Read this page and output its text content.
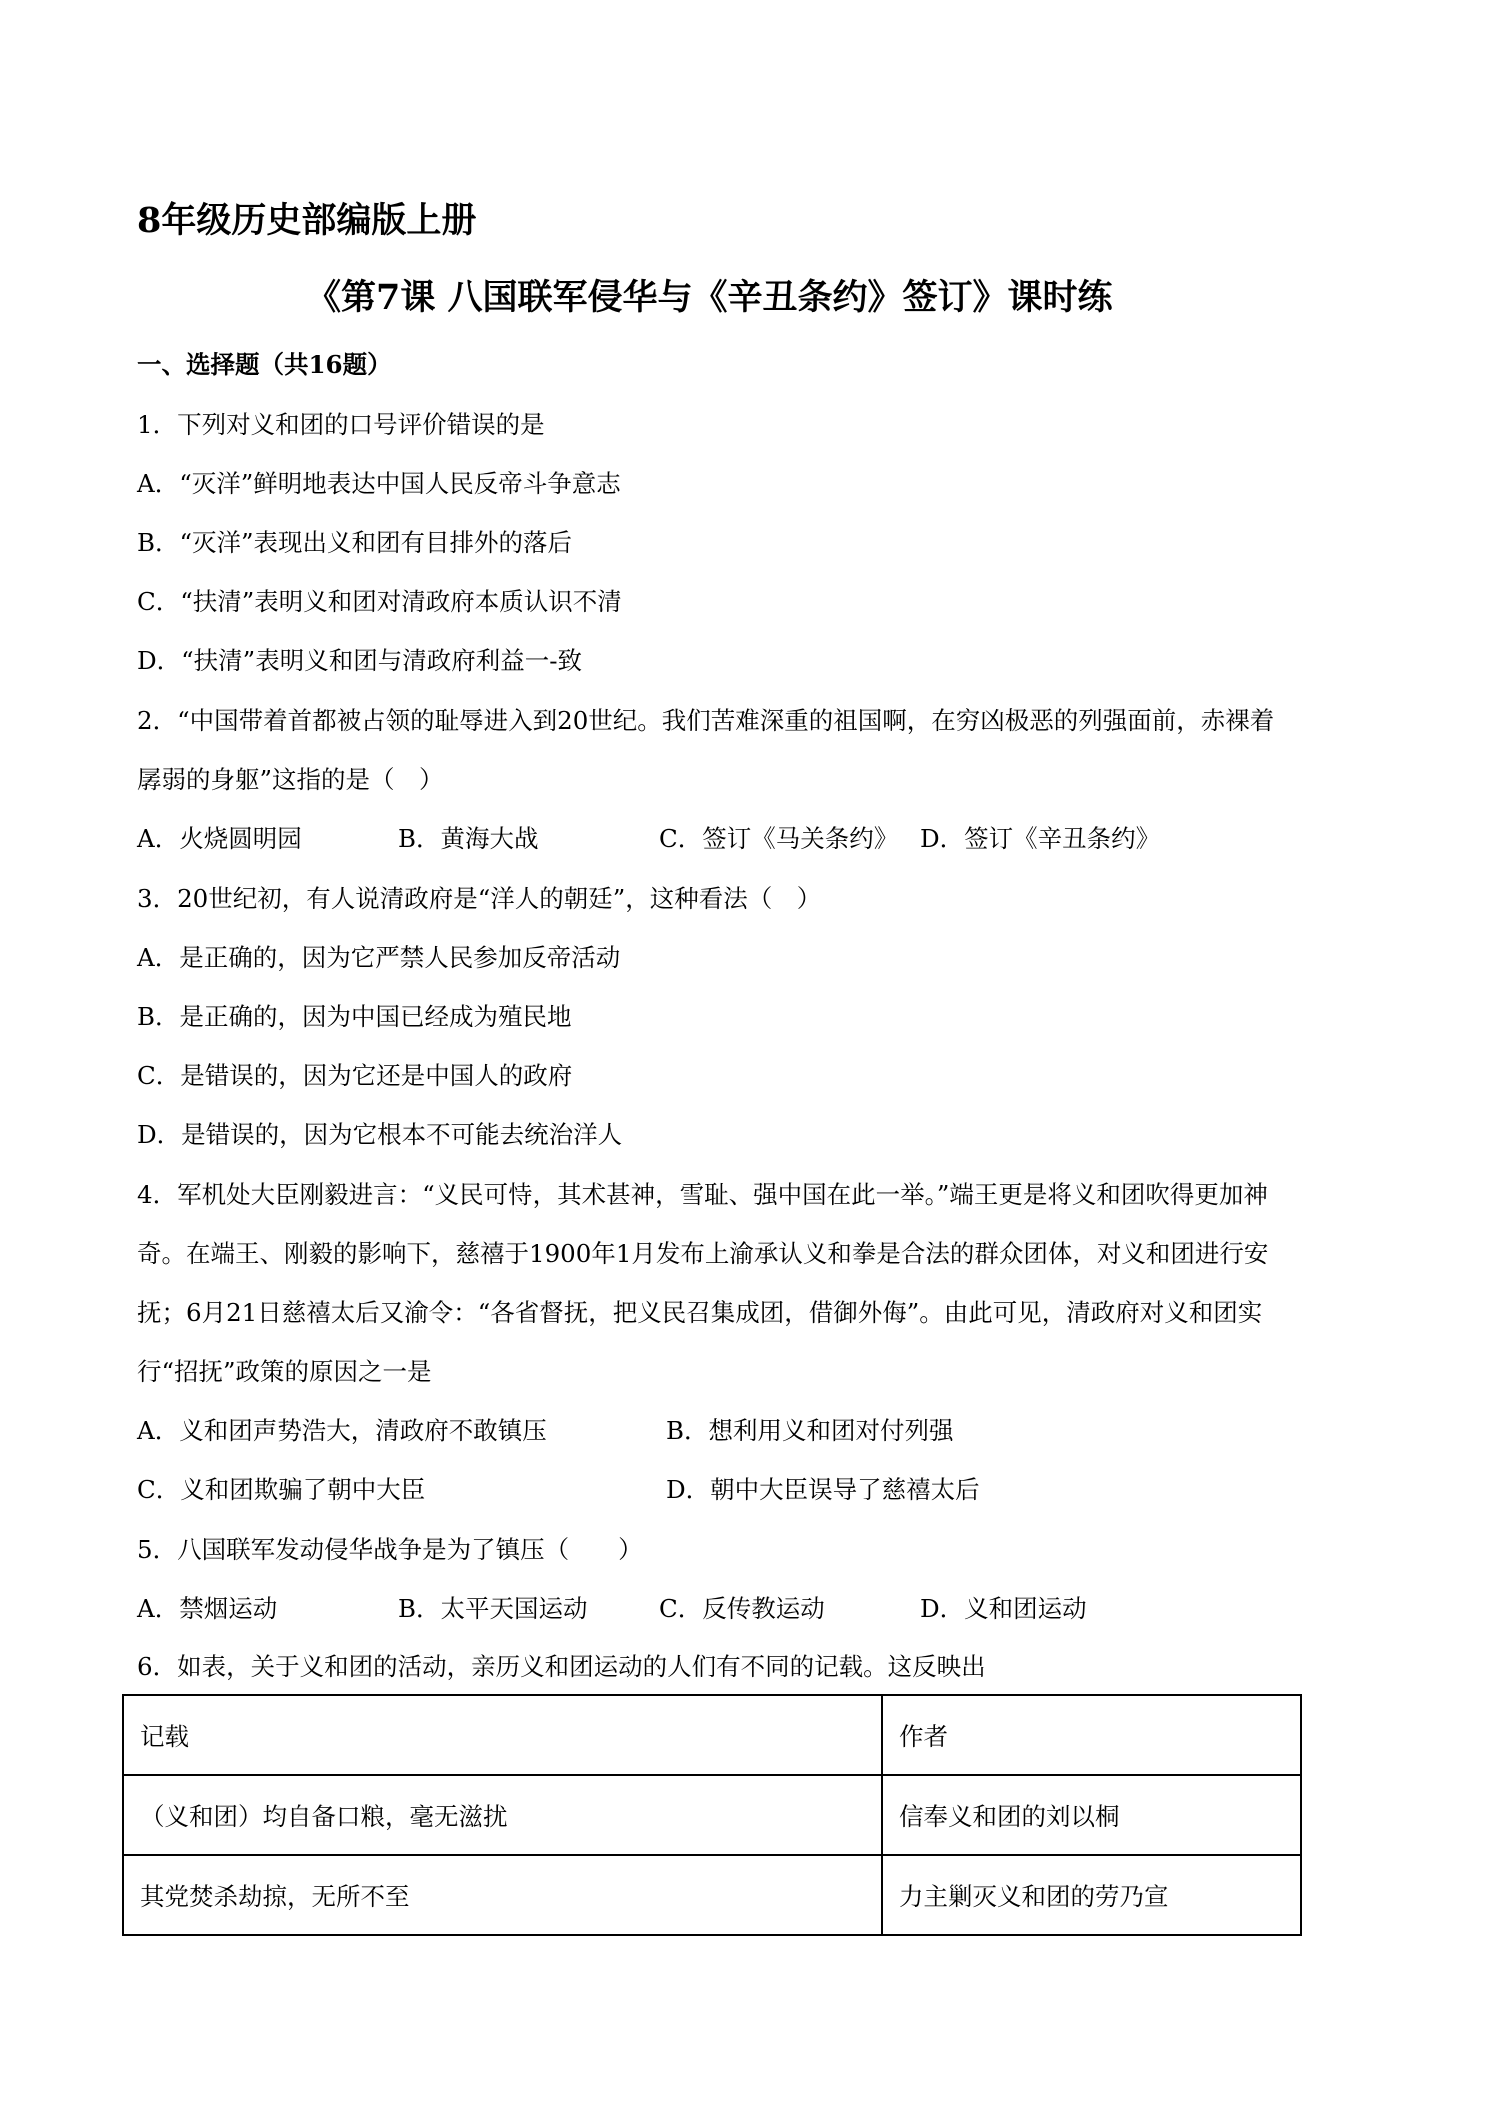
8年级历史部编版上册
《第7课 八国联军侵华与《辛丑条约》签订》课时练
一、选择题（共16题）
1．下列对义和团的口号评价错误的是
A．“灭洋”鲜明地表达中国人民反帝斗争意志
B．“灭洋”表现出义和团有目排外的落后
C．“扶清”表明义和团对清政府本质认识不清
D．“扶清”表明义和团与清政府利益一-致
2．“中国带着首都被占领的耻辱进入到20世纪。我们苦难深重的祖国啊，在穷凶极恶的列强面前，赤裸着
孱弱的身躯”这指的是（　）
A．火烧圆明园	B．黄海大战	C．签订《马关条约》 D．签订《辛丑条约》
3．20世纪初，有人说清政府是“洋人的朝廷”，这种看法（　）
A．是正确的，因为它严禁人民参加反帝活动
B．是正确的，因为中国已经成为殖民地
C．是错误的，因为它还是中国人的政府
D．是错误的，因为它根本不可能去统治洋人
4．军机处大臣刚毅进言：“义民可恃，其术甚神，雪耻、强中国在此一举。”端王更是将义和团吹得更加神
奇。在端王、刚毅的影响下，慈禧于1900年1月发布上渝承认义和拳是合法的群众团体，对义和团进行安
抚；6月21日慈禧太后又渝令：“各省督抚，把义民召集成团，借御外侮”。由此可见，清政府对义和团实
行“招抚”政策的原因之一是
A．义和团声势浩大，清政府不敢镇压	B．想利用义和团对付列强
C．义和团欺骗了朝中大臣	D．朝中大臣误导了慈禧太后
5．八国联军发动侵华战争是为了镇压（　　）
A．禁烟运动	B．太平天国运动	C．反传教运动	D．义和团运动
6．如表，关于义和团的活动，亲历义和团运动的人们有不同的记载。这反映出
记载	作者
（义和团）均自备口粮，毫无滋扰	信奉义和团的刘以桐
其党焚杀劫掠，无所不至	力主剿灭义和团的劳乃宣
